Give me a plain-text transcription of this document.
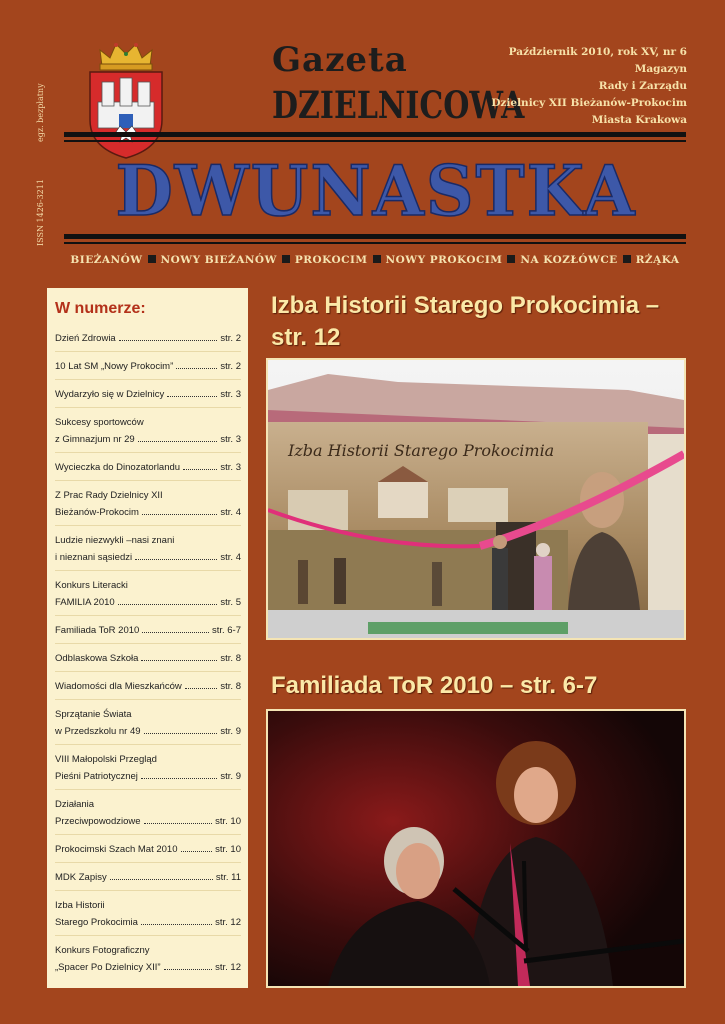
egz. bezpłatny
ISSN 1426-3211
Gazeta
DZIELNICOWA
Październik 2010, rok XV, nr 6
Magazyn
Rady i Zarządu
Dzielnicy XII Bieżanów-Prokocim
Miasta Krakowa
DWUNASTKA
BIEŻANÓW NOWY BIEŻANÓW PROKOCIM NOWY PROKOCIM NA KOZŁÓWCE RŻĄKA
W numerze:
Dzień Zdrowia	str. 2
10 Lat SM „Nowy Prokocim”	str. 2
Wydarzyło się w Dzielnicy	str. 3
Sukcesy sportowców
z Gimnazjum nr 29	str. 3
Wycieczka do Dinozatorlandu	str. 3
Z Prac Rady Dzielnicy XII
Bieżanów-Prokocim	str. 4
Ludzie niezwykli –nasi znani
i nieznani sąsiedzi	str. 4
Konkurs Literacki
FAMILIA 2010	str. 5
Familiada ToR 2010	str. 6-7
Odblaskowa Szkoła	str. 8
Wiadomości dla Mieszkańców	str. 8
Sprzątanie Świata
w Przedszkolu nr 49	str. 9
VIII Małopolski Przegląd
Pieśni Patriotycznej	str. 9
Działania
Przeciwpowodziowe	str. 10
Prokocimski Szach Mat 2010	str. 10
MDK Zapisy	str. 11
Izba Historii
Starego Prokocimia	str. 12
Konkurs Fotograficzny
„Spacer Po Dzielnicy XII”	str. 12
Izba Historii Starego Prokocimia –
str. 12
Izba Historii Starego Prokocimia
Familiada ToR 2010 – str. 6-7
